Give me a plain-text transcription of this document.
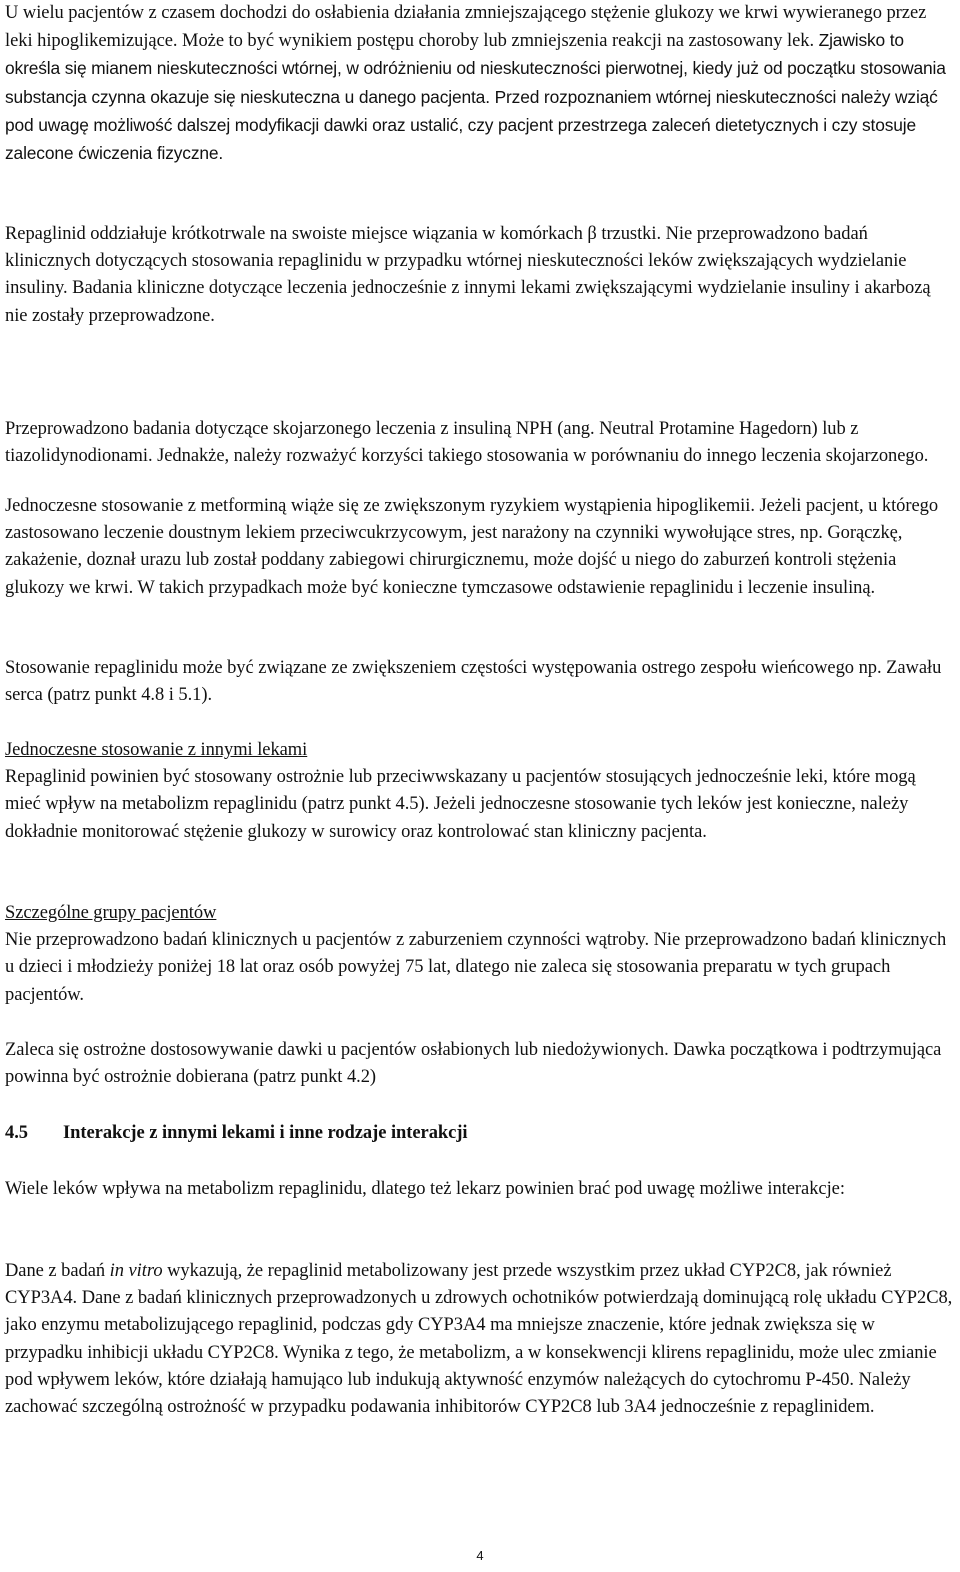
U wielu pacjentów z czasem dochodzi do osłabienia działania zmniejszającego stężenie glukozy we krwi wywieranego przez leki hipoglikemizujące. Może to być wynikiem postępu choroby lub zmniejszenia reakcji na zastosowany lek. Zjawisko to określa się mianem nieskuteczności wtórnej, w odróżnieniu od nieskuteczności pierwotnej, kiedy już od początku stosowania substancja czynna okazuje się nieskuteczna u danego pacjenta. Przed rozpoznaniem wtórnej nieskuteczności należy wziąć pod uwagę możliwość dalszej modyfikacji dawki oraz ustalić, czy pacjent przestrzega zaleceń dietetycznych i czy stosuje zalecone ćwiczenia fizyczne.

Repaglinid oddziałuje krótkotrwale na swoiste miejsce wiązania w komórkach β trzustki. Nie przeprowadzono badań klinicznych dotyczących stosowania repaglinidu w przypadku wtórnej nieskuteczności leków zwiększających wydzielanie insuliny. Badania kliniczne dotyczące leczenia jednocześnie z innymi lekami zwiększającymi wydzielanie insuliny i akarbozą nie zostały przeprowadzone.

Przeprowadzono badania dotyczące skojarzonego leczenia z insuliną NPH (ang. Neutral Protamine Hagedorn) lub z tiazolidynodionami. Jednakże, należy rozważyć korzyści takiego stosowania w porównaniu do innego leczenia skojarzonego.

Jednoczesne stosowanie z metforminą wiąże się ze zwiększonym ryzykiem wystąpienia hipoglikemii. Jeżeli pacjent, u którego zastosowano leczenie doustnym lekiem przeciwcukrzycowym, jest narażony na czynniki wywołujące stres, np. Gorączkę, zakażenie, doznał urazu lub został poddany zabiegowi chirurgicznemu, może dojść u niego do zaburzeń kontroli stężenia glukozy we krwi. W takich przypadkach może być konieczne tymczasowe odstawienie repaglinidu i leczenie insuliną.

Stosowanie repaglinidu może być związane ze zwiększeniem częstości występowania ostrego zespołu wieńcowego np. Zawału serca (patrz punkt 4.8 i 5.1).

Jednoczesne stosowanie z innymi lekami

Repaglinid powinien być stosowany ostrożnie lub przeciwwskazany u pacjentów stosujących jednocześnie leki, które mogą mieć wpływ na metabolizm repaglinidu (patrz punkt 4.5). Jeżeli jednoczesne stosowanie tych leków jest konieczne, należy dokładnie monitorować stężenie glukozy w surowicy oraz kontrolować stan kliniczny pacjenta.

Szczególne grupy pacjentów

Nie przeprowadzono badań klinicznych u pacjentów z zaburzeniem czynności wątroby. Nie przeprowadzono badań klinicznych u dzieci i młodzieży poniżej 18 lat oraz osób powyżej 75 lat, dlatego nie zaleca się stosowania preparatu w tych grupach pacjentów.

Zaleca się ostrożne dostosowywanie dawki u pacjentów osłabionych lub niedożywionych. Dawka początkowa i podtrzymująca powinna być ostrożnie dobierana (patrz punkt 4.2)

4.5 Interakcje z innymi lekami i inne rodzaje interakcji

Wiele leków wpływa na metabolizm repaglinidu, dlatego też lekarz powinien brać pod uwagę możliwe interakcje:

Dane z badań in vitro wykazują, że repaglinid metabolizowany jest przede wszystkim przez układ CYP2C8, jak również CYP3A4. Dane z badań klinicznych przeprowadzonych u zdrowych ochotników potwierdzają dominującą rolę układu CYP2C8, jako enzymu metabolizującego repaglinid, podczas gdy CYP3A4 ma mniejsze znaczenie, które jednak zwiększa się w przypadku inhibicji układu CYP2C8. Wynika z tego, że metabolizm, a w konsekwencji klirens repaglinidu, może ulec zmianie pod wpływem leków, które działają hamująco lub indukują aktywność enzymów należących do cytochromu P-450. Należy zachować szczególną ostrożność w przypadku podawania inhibitorów CYP2C8 lub 3A4 jednocześnie z repaglinidem.

4
